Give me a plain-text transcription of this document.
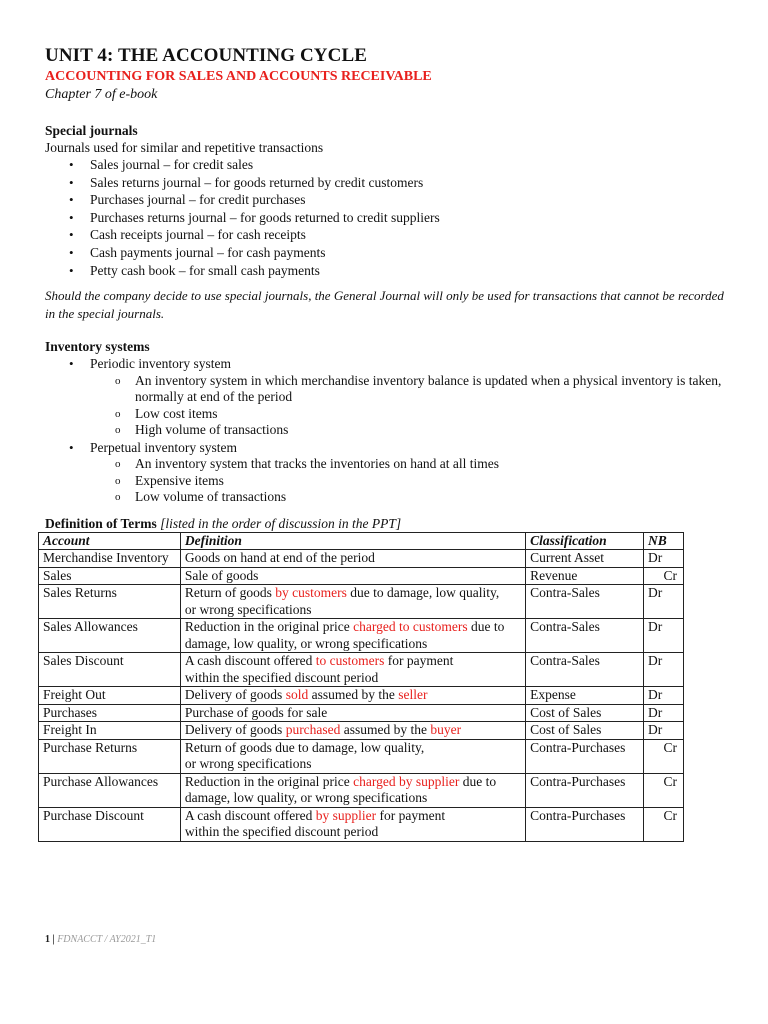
UNIT 4: THE ACCOUNTING CYCLE
ACCOUNTING FOR SALES AND ACCOUNTS RECEIVABLE
Chapter 7 of e-book
Special journals
Journals used for similar and repetitive transactions
• Sales journal – for credit sales
• Sales returns journal – for goods returned by credit customers
• Purchases journal – for credit purchases
• Purchases returns journal – for goods returned to credit suppliers
• Cash receipts journal – for cash receipts
• Cash payments journal – for cash payments
• Petty cash book – for small cash payments
Should the company decide to use special journals, the General Journal will only be used for transactions that cannot be recorded in the special journals.
Inventory systems
• Periodic inventory system
o An inventory system in which merchandise inventory balance is updated when a physical inventory is taken, normally at end of the period
o Low cost items
o High volume of transactions
• Perpetual inventory system
o An inventory system that tracks the inventories on hand at all times
o Expensive items
o Low volume of transactions
Definition of Terms [listed in the order of discussion in the PPT]
Account	Definition	Classification	NB
Merchandise Inventory	Goods on hand at end of the period	Current Asset	Dr
Sales	Sale of goods	Revenue	Cr
Sales Returns	Return of goods by customers due to damage, low quality,
or wrong specifications	Contra-Sales	Dr
Sales Allowances	Reduction in the original price charged to customers due to
damage, low quality, or wrong specifications	Contra-Sales	Dr
Sales Discount	A cash discount offered to customers for payment
within the specified discount period	Contra-Sales	Dr
Freight Out	Delivery of goods sold assumed by the seller	Expense	Dr
Purchases	Purchase of goods for sale	Cost of Sales	Dr
Freight In	Delivery of goods purchased assumed by the buyer	Cost of Sales	Dr
Purchase Returns	Return of goods due to damage, low quality,
or wrong specifications	Contra-Purchases	Cr
Purchase Allowances	Reduction in the original price charged by supplier due to
damage, low quality, or wrong specifications	Contra-Purchases	Cr
Purchase Discount	A cash discount offered by supplier for payment
within the specified discount period	Contra-Purchases	Cr
1 | FDNACCT / AY2021_T1
